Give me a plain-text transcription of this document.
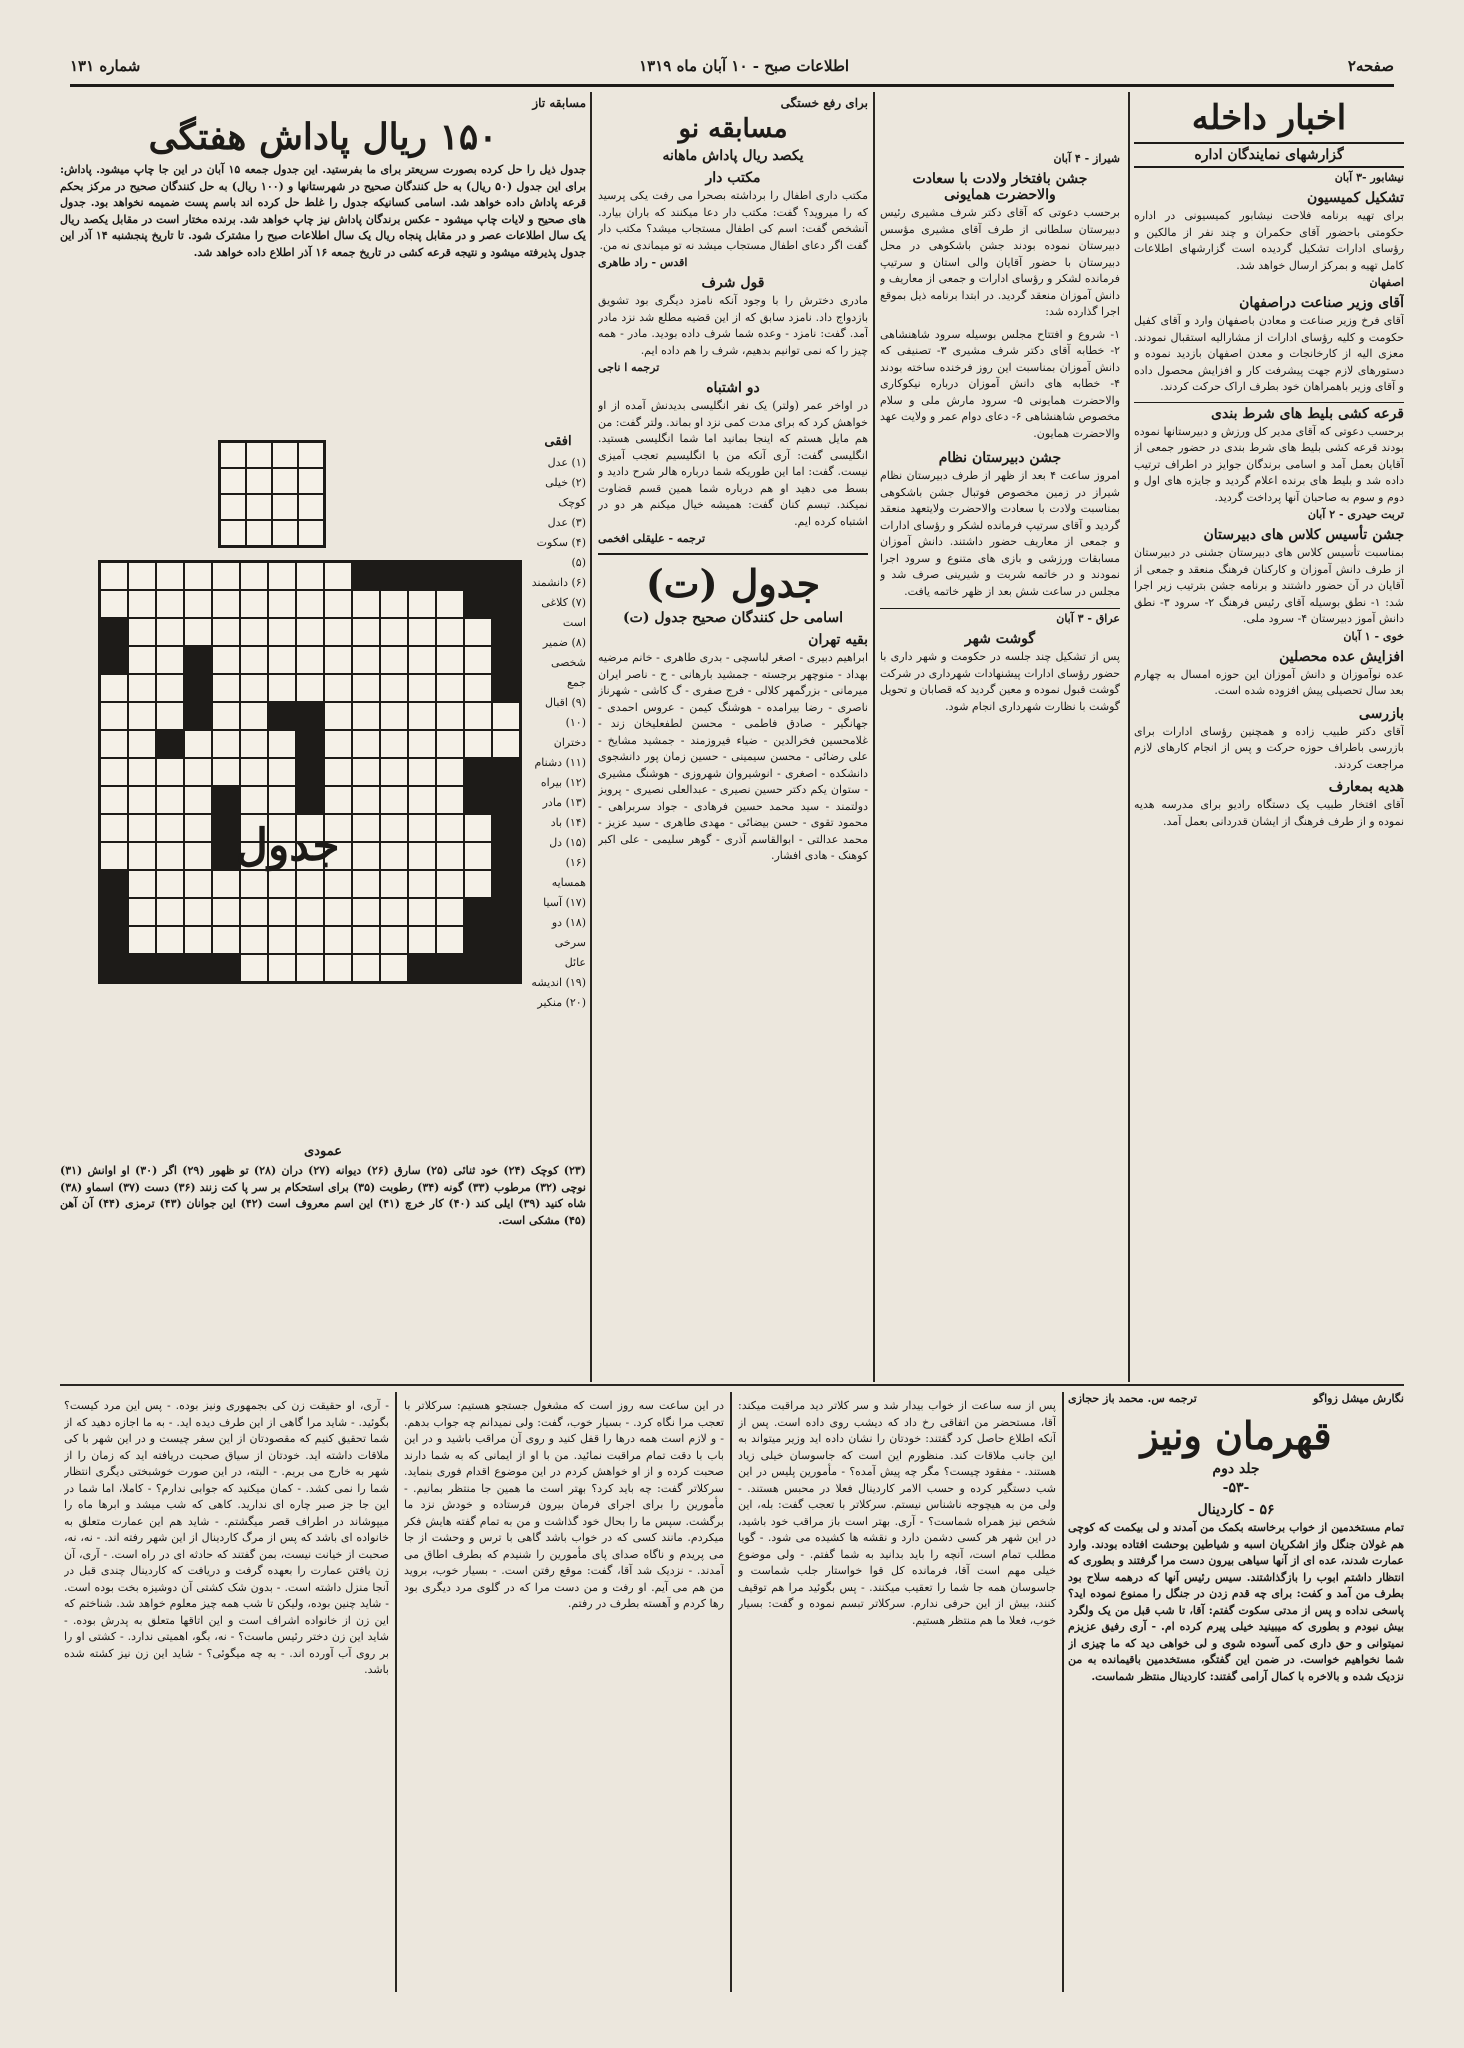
صفحه۲
اطلاعات صبح - ۱۰ آبان ماه ۱۳۱۹
شماره ۱۳۱
اخبار داخله
گزارشهای نمایندگان اداره
نیشابور -۳ آبان
تشکیل کمیسیون

برای تهیه برنامه فلاحت نیشابور کمیسیونی در اداره حکومتی باحضور آقای حکمران و چند نفر از مالکین و رؤسای ادارات تشکیل گردیده است گزارشهای اطلاعات کامل تهیه و بمرکز ارسال خواهد شد.

اصفهان
آقای وزیر صناعت دراصفهان

آقای فرخ وزیر صناعت و معادن باصفهان وارد و آقای کفیل حکومت و کلیه رؤسای ادارات از مشارالیه استقبال نمودند. معزی الیه از کارخانجات و معدن اصفهان بازدید نموده و دستورهای لازم جهت پیشرفت کار و افزایش محصول داده و آقای وزیر باهمراهان خود بطرف اراک حرکت کردند.

قرعه کشی بلیط های شرط بندی

برحسب دعوتی که آقای مدیر کل ورزش و دبیرستانها نموده بودند قرعه کشی بلیط های شرط بندی در حضور جمعی از آقایان بعمل آمد و اسامی برندگان جوایز در اطراف ترتیب داده شد و بلیط های برنده اعلام گردید و جایزه های اول و دوم و سوم به صاحبان آنها پرداخت گردید.

تربت حیدری - ۲ آبان
جشن تأسیس کلاس های دبیرستان

بمناسبت تأسیس کلاس های دبیرستان جشنی در دبیرستان از طرف دانش آموزان و کارکنان فرهنگ منعقد و جمعی از آقایان در آن حضور داشتند و برنامه جشن بترتیب زیر اجرا شد: ۱- نطق بوسیله آقای رئیس فرهنگ ۲- سرود ۳- نطق دانش آموز دبیرستان ۴- سرود ملی.

خوی - ۱ آبان
افزایش عده محصلین

عده نوآموزان و دانش آموزان این حوزه امسال به چهارم بعد سال تحصیلی پیش افزوده شده است.

بازرسی

آقای دکتر طبیب زاده و همچنین رؤسای ادارات برای بازرسی باطراف حوزه حرکت و پس از انجام کارهای لازم مراجعت کردند.

هدیه بمعارف

آقای افتخار طبیب یک دستگاه رادیو برای مدرسه هدیه نموده و از طرف فرهنگ از ایشان قدردانی بعمل آمد.

شیراز - ۴ آبان
جشن بافتخار ولادت با سعادت والاحضرت همایونی

برحسب دعوتی که آقای دکتر شرف مشیری رئیس دبیرستان سلطانی از طرف آقای مشیری مؤسس دبیرستان نموده بودند جشن باشکوهی در محل دبیرستان با حضور آقایان والی استان و سرتیپ فرمانده لشکر و رؤسای ادارات و جمعی از معاریف و دانش آموزان منعقد گردید. در ابتدا برنامه ذیل بموقع اجرا گذارده شد:

۱- شروع و افتتاح مجلس بوسیله سرود شاهنشاهی ۲- خطابه آقای دکتر شرف مشیری ۳- تصنیفی که دانش آموزان بمناسبت این روز فرخنده ساخته بودند ۴- خطابه های دانش آموزان درباره نیکوکاری والاحضرت همایونی ۵- سرود مارش ملی و سلام مخصوص شاهنشاهی ۶- دعای دوام عمر و ولایت عهد والاحضرت همایون.

جشن دبیرستان نظام

امروز ساعت ۴ بعد از ظهر از طرف دبیرستان نظام شیراز در زمین مخصوص فوتبال جشن باشکوهی بمناسبت ولادت با سعادت والاحضرت ولایتعهد منعقد گردید و آقای سرتیپ فرمانده لشکر و رؤسای ادارات و جمعی از معاریف حضور داشتند. دانش آموزان مسابقات ورزشی و بازی های متنوع و سرود اجرا نمودند و در خاتمه شربت و شیرینی صرف شد و مجلس در ساعت شش بعد از ظهر خاتمه یافت.

عراق - ۳ آبان
گوشت شهر

پس از تشکیل چند جلسه در حکومت و شهر داری با حضور رؤسای ادارات پیشنهادات شهرداری در شرکت گوشت قبول نموده و معین گردید که قصابان و تحویل گوشت با نظارت شهرداری انجام شود.

برای رفع خستگی
مسابقه نو
یکصد ریال پاداش ماهانه
مکتب دار

مکتب داری اطفال را برداشته بصحرا می رفت یکی پرسید که را میروید؟ گفت: مکتب دار دعا میکنند که باران بیارد. آنشخص گفت: اسم کی اطفال مستجاب میشد؟ مکتب دار گفت اگر دعای اطفال مستجاب میشد نه تو میماندی نه من.

اقدس - راد طاهری
قول شرف

مادری دخترش را با وجود آنکه نامزد دیگری بود تشویق بازدواج داد. نامزد سابق که از این قضیه مطلع شد نزد مادر آمد. گفت: نامزد - وعده شما شرف داده بودید. مادر - همه چیز را که نمی توانیم بدهیم، شرف را هم داده ایم.

ترجمه ا ناجی
دو اشتباه

در اواخر عمر (ولتر) یک نفر انگلیسی بدیدنش آمده از او خواهش کرد که برای مدت کمی نزد او بماند. ولتر گفت: من هم مایل هستم که اینجا بمانید اما شما انگلیسی هستید. انگلیسی گفت: آری آنکه من با انگلیسیم تعجب آمیزی نیست. گفت: اما این طوریکه شما درباره هالر شرح دادید و بسط می دهید او هم درباره شما همین قسم قضاوت نمیکند. تبسم کنان گفت: همیشه خیال میکنم هر دو در اشتباه کرده ایم.

ترجمه - علیقلی افخمی
جدول (ت)
اسامی حل کنندگان صحیح جدول (ت)
بقیه تهران

ابراهیم دبیری - اصغر لباسچی - بدری طاهری - خانم مرضیه بهداد - منوچهر برجسته - جمشید بارهانی - ح - ناصر ایران میرمانی - بزرگمهر کلالی - فرج صفری - گ کاشی - شهرناز ناصری - رضا بیرامده - هوشنگ کیمن - عروس احمدی - جهانگیر - صادق فاطمی - محسن لطفعلیخان زند - غلامحسین فخرالدین - ضیاء فیروزمند - جمشید مشایخ - علی رضائی - محسن سیمینی - حسین زمان پور دانشجوی دانشکده - اصغری - انوشیروان شهروزی - هوشنگ مشیری - ستوان یکم دکتر حسین نصیری - عبدالعلی نصیری - پرویز دولتمند - سید محمد حسین فرهادی - جواد سربراهی - محمود تقوی - حسن بیضائی - مهدی طاهری - سید عزیز - محمد عدالتی - ابوالقاسم آذری - گوهر سلیمی - علی اکبر کوهنک - هادی افشار.

مسابقه تاز
۱۵۰ ریال پاداش هفتگی

جدول ذیل را حل کرده بصورت سریعتر برای ما بفرستید. این جدول جمعه ۱۵ آبان در این جا چاپ میشود. پاداش: برای این جدول (۵۰ ریال) به حل کنندگان صحیح در شهرستانها و (۱۰۰ ریال) به حل کنندگان صحیح در مرکز بحکم قرعه پاداش داده خواهد شد. اسامی کسانیکه جدول را غلط حل کرده اند باسم پست ضمیمه نخواهد بود. جدول های صحیح و لایات چاپ میشود - عکس برندگان پاداش نیز چاپ خواهد شد. برنده مختار است در مقابل یکصد ریال یک سال اطلاعات عصر و در مقابل پنجاه ریال یک سال اطلاعات صبح را مشترک شود. تا تاریخ پنجشنبه ۱۴ آذر این جدول پذیرفته میشود و نتیجه قرعه کشی در تاریخ جمعه ۱۶ آذر اطلاع داده خواهد شد.

جدول
افقی
(۱) عدل (۲) خیلی کوچک
(۳) عدل (۴) سکوت (۵)
(۶) دانشمند (۷) کلاغی است
(۸) ضمیر شخصی جمع
(۹) اقبال (۱۰) دختران
(۱۱) دشنام
(۱۲) بیراه (۱۳) مادر
(۱۴) باد (۱۵) دل
(۱۶) همسایه
(۱۷) آسیا
(۱۸) دو سرخی عائل
(۱۹) اندیشه
(۲۰) منکیر
عمودی

(۲۳) کوچک (۲۴) خود ثنائی (۲۵) سارق (۲۶) دیوانه (۲۷) دران (۲۸) تو ظهور (۲۹) اگر (۳۰) او اوانش (۳۱) نوچی (۳۲) مرطوب (۳۳) گونه (۳۴) رطوبت (۳۵) برای استحکام بر سر پا کت زنند (۳۶) دست (۳۷) اسماو (۳۸) شاه کنید (۳۹) ایلی کند (۴۰) کار خرچ (۴۱) این اسم معروف است (۴۲) این جوانان (۴۳) ترمزی (۴۴) آن آهن (۴۵) مشکی است.

نگارش میشل زواگو
ترجمه س. محمد باز حجازی
قهرمان ونیز
جلد دوم
-۵۳-
۵۶ - کاردینال

تمام مستخدمین از خواب برخاسته بکمک من آمدند و لی بیکمت که کوچی هم غولان جنگل واز اشکریان اسبه و شیاطین بوحشت افتاده بودند. وارد عمارت شدند، عده ای از آنها سیاهی بیرون دست مرا گرفتند و بطوری که انتظار داشتم ابوب را بازگذاشتند. سیس رئیس آنها که درهمه سلاح بود بطرف من آمد و کفت: برای چه قدم زدن در جنگل را ممنوع نموده اید؟ پاسخی نداده و پس از مدتی سکوت گفتم: آقا، تا شب قبل من یک ولگرد بیش نبودم و بطوری که میبینید خیلی پیرم کرده ام. - آری رفیق عزیزم نمیتوانی و حق داری کمی آسوده شوی و لی خواهی دید که ما چیزی از شما نخواهیم خواست. در ضمن این گفتگو، مستخدمین باقیمانده به من نزدیک شده و بالاخره با کمال آرامی گفتند: کاردینال منتظر شماست.

پس از سه ساعت از خواب بیدار شد و سر کلاتر دید مراقبت میکند: آقا، مستحضر من اتفاقی رخ داد که دیشب روی داده است. پس از آنکه اطلاع حاصل کرد گفتند: خودتان را نشان داده اید وزیر میتواند به این جانب ملاقات کند. منظورم این است که جاسوسان خیلی زیاد هستند. - مفقود چیست؟ مگر چه پیش آمده؟ - مأمورین پلیس در این شب دستگیر کرده و حسب الامر کاردینال فعلا در محبس هستند. - ولی من به هیچوجه ناشناس نیستم. سرکلاتر با تعجب گفت: بله، این شخص نیز همراه شماست؟ - آری. بهتر است باز مراقب خود باشید، در این شهر هر کسی دشمن دارد و نقشه ها کشیده می شود. - گویا مطلب تمام است، آنچه را باید بدانید به شما گفتم. - ولی موضوع خیلی مهم است آقا، فرمانده کل قوا خواستار جلب شماست و جاسوسان همه جا شما را تعقیب میکنند. - پس بگوئید مرا هم توقیف کنند، بیش از این حرفی ندارم. سرکلاتر تبسم نموده و گفت: بسیار خوب، فعلا ما هم منتظر هستیم.

در این ساعت سه روز است که مشغول جستجو هستیم: سرکلاتر با تعجب مرا نگاه کرد. - بسیار خوب، گفت: ولی نمیدانم چه جواب بدهم. - و لازم است همه درها را قفل کنید و روی آن مراقب باشید و در این باب با دقت تمام مراقبت نمائید. من با او از ایمانی که به شما دارند صحبت کرده و از او خواهش کردم در این موضوع اقدام فوری بنماید. سرکلاتر گفت: چه باید کرد؟ بهتر است ما همین جا منتظر بمانیم. - مأمورین را برای اجرای فرمان بیرون فرستاده و خودش نزد ما برگشت. سپس ما را بحال خود گذاشت و من به تمام گفته هایش فکر میکردم. مانند کسی که در خواب باشد گاهی با ترس و وحشت از جا می پریدم و ناگاه صدای پای مأمورین را شنیدم که بطرف اطاق می آمدند. - نزدیک شد آقا، گفت: موقع رفتن است. - بسیار خوب، بروید من هم می آیم. او رفت و من دست مرا که در گلوی مرد دیگری بود رها کردم و آهسته بطرف در رفتم.

- آری، او حقیقت زن کی بجمهوری ونیز بوده. - پس این مرد کیست؟ بگوئید. - شاید مرا گاهی از این طرف دیده اید. - به ما اجازه دهید که از شما تحقیق کنیم که مقصودتان از این سفر چیست و در این شهر با کی ملاقات داشته اید. خودتان از سیاق صحبت دریافته اید که زمان را از شهر به خارج می بریم. - البته، در این صورت خوشبختی دیگری انتظار شما را نمی کشد. - کمان میکنید که جوابی ندارم؟ - کاملا، اما شما در این جا جز صبر چاره ای ندارید. کاهی که شب میشد و ابرها ماه را میپوشاند در اطراف قصر میگشتم. - شاید هم این عمارت متعلق به خانواده ای باشد که پس از مرگ کاردینال از این شهر رفته اند. - نه، نه، صحبت از خیانت نیست، بمن گفتند که حادثه ای در راه است. - آری، آن زن یافتن عمارت را بعهده گرفت و دریافت که کاردینال چندی قبل در آنجا منزل داشته است. - بدون شک کشتی آن دوشیزه بخت بوده است. - شاید چنین بوده، ولیکن تا شب همه چیز معلوم خواهد شد. شناختم که این زن از خانواده اشراف است و این اتاقها متعلق به پدرش بوده. - شاید این زن دختر رئیس ماست؟ - نه، بگو، اهمیتی ندارد. - کشتی او را بر روی آب آورده اند. - به چه میگوئی؟ - شاید این زن نیز کشته شده باشد.
